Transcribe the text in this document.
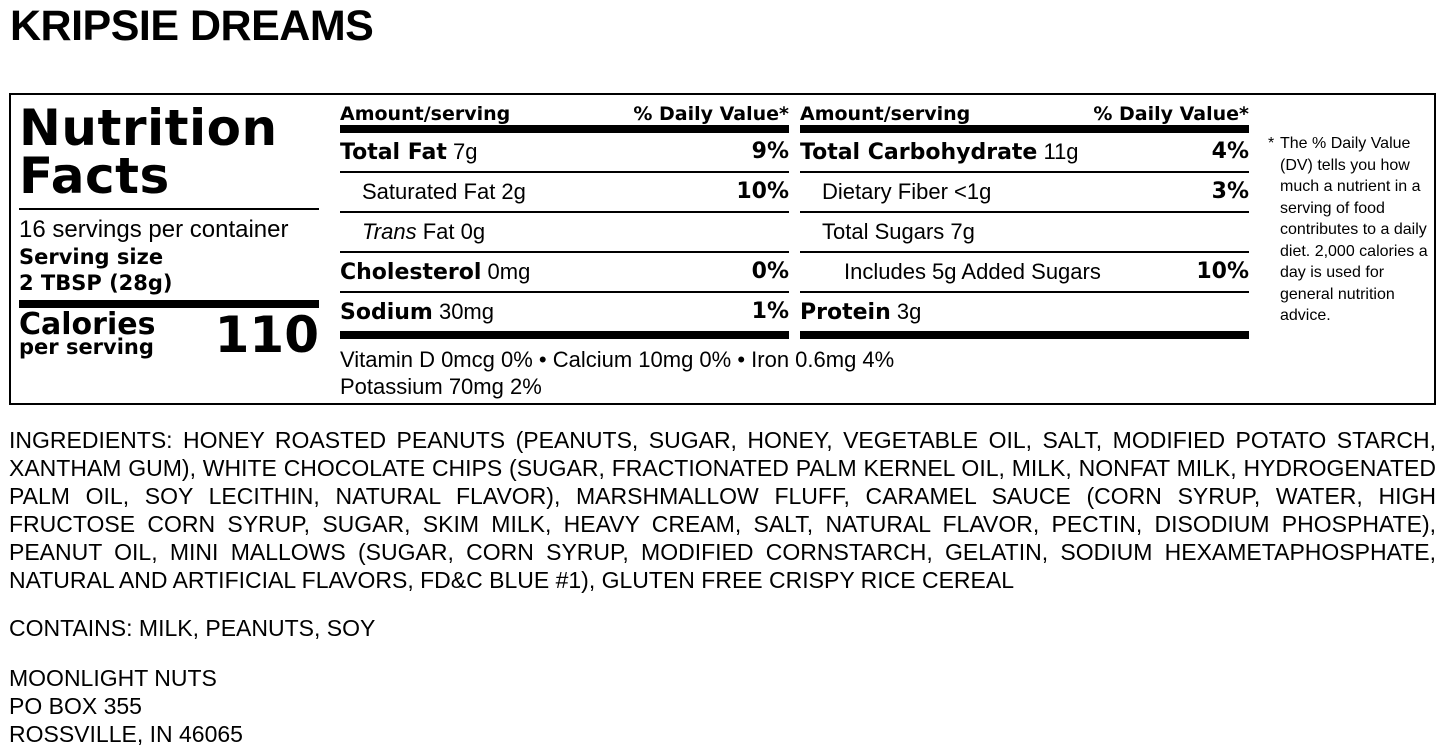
KRIPSIE DREAMS
Nutrition
Facts
16 servings per container
Serving size
2 TBSP (28g)
Calories
per serving 110
Amount/serving	% Daily Value*
Total Fat 7g	9%
Saturated Fat 2g	10%
Trans Fat 0g
Cholesterol 0mg	0%
Sodium 30mg	1%
Amount/serving	% Daily Value*
Total Carbohydrate 11g	4%
Dietary Fiber <1g	3%
Total Sugars 7g
Includes 5g Added Sugars	10%
Protein 3g
Vitamin D 0mcg 0% • Calcium 10mg 0% • Iron 0.6mg 4%
Potassium 70mg 2%
* The % Daily Value (DV) tells you how much a nutrient in a serving of food contributes to a daily diet. 2,000 calories a day is used for general nutrition advice.
INGREDIENTS: HONEY ROASTED PEANUTS (PEANUTS, SUGAR, HONEY, VEGETABLE OIL, SALT, MODIFIED POTATO STARCH, XANTHAM GUM), WHITE CHOCOLATE CHIPS (SUGAR, FRACTIONATED PALM KERNEL OIL, MILK, NONFAT MILK, HYDROGENATED PALM OIL, SOY LECITHIN, NATURAL FLAVOR), MARSHMALLOW FLUFF, CARAMEL SAUCE (CORN SYRUP, WATER, HIGH FRUCTOSE CORN SYRUP, SUGAR, SKIM MILK, HEAVY CREAM, SALT, NATURAL FLAVOR, PECTIN, DISODIUM PHOSPHATE), PEANUT OIL, MINI MALLOWS (SUGAR, CORN SYRUP, MODIFIED CORNSTARCH, GELATIN, SODIUM HEXAMETAPHOSPHATE, NATURAL AND ARTIFICIAL FLAVORS, FD&C BLUE #1), GLUTEN FREE CRISPY RICE CEREAL
CONTAINS: MILK, PEANUTS, SOY
MOONLIGHT NUTS
PO BOX 355
ROSSVILLE, IN 46065
